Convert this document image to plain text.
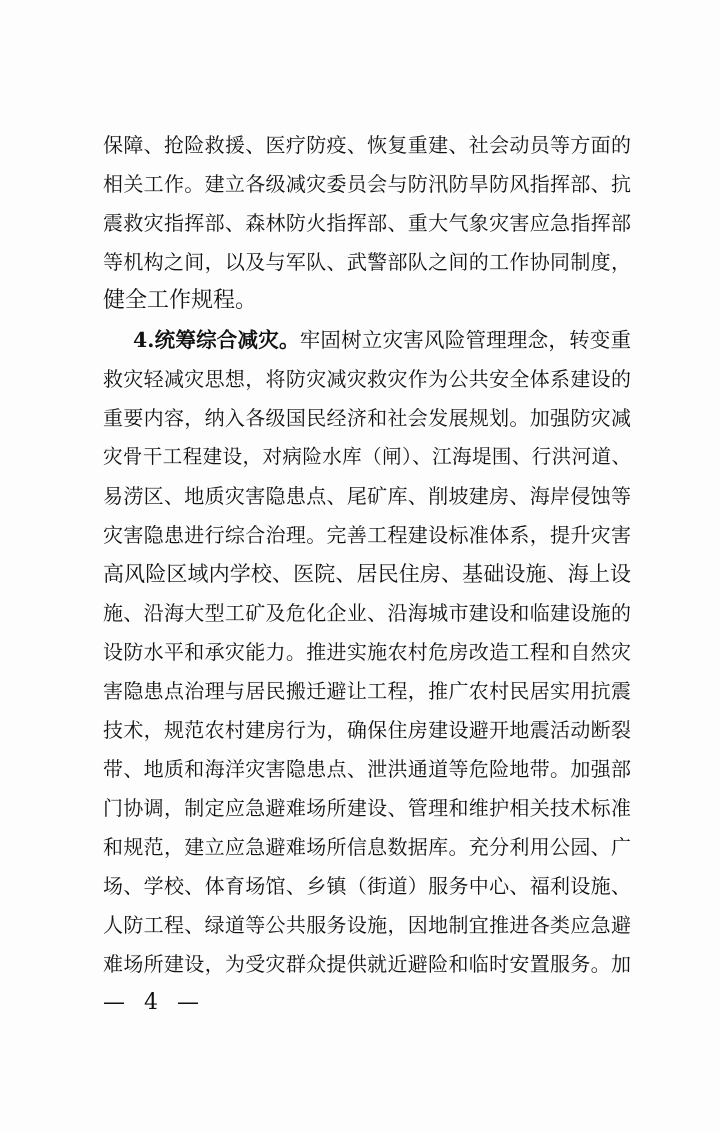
保障、抢险救援、医疗防疫、恢复重建、社会动员等方面的
相关工作。建立各级减灾委员会与防汛防旱防风指挥部、抗
震救灾指挥部、森林防火指挥部、重大气象灾害应急指挥部
等机构之间，以及与军队、武警部队之间的工作协同制度，
健全工作规程。
4.统筹综合减灾。牢固树立灾害风险管理理念，转变重
救灾轻减灾思想，将防灾减灾救灾作为公共安全体系建设的
重要内容，纳入各级国民经济和社会发展规划。加强防灾减
灾骨干工程建设，对病险水库（闸）、江海堤围、行洪河道、
易涝区、地质灾害隐患点、尾矿库、削坡建房、海岸侵蚀等
灾害隐患进行综合治理。完善工程建设标准体系，提升灾害
高风险区域内学校、医院、居民住房、基础设施、海上设
施、沿海大型工矿及危化企业、沿海城市建设和临建设施的
设防水平和承灾能力。推进实施农村危房改造工程和自然灾
害隐患点治理与居民搬迁避让工程，推广农村民居实用抗震
技术，规范农村建房行为，确保住房建设避开地震活动断裂
带、地质和海洋灾害隐患点、泄洪通道等危险地带。加强部
门协调，制定应急避难场所建设、管理和维护相关技术标准
和规范，建立应急避难场所信息数据库。充分利用公园、广
场、学校、体育场馆、乡镇（街道）服务中心、福利设施、
人防工程、绿道等公共服务设施，因地制宜推进各类应急避
难场所建设，为受灾群众提供就近避险和临时安置服务。加
— 4 —
